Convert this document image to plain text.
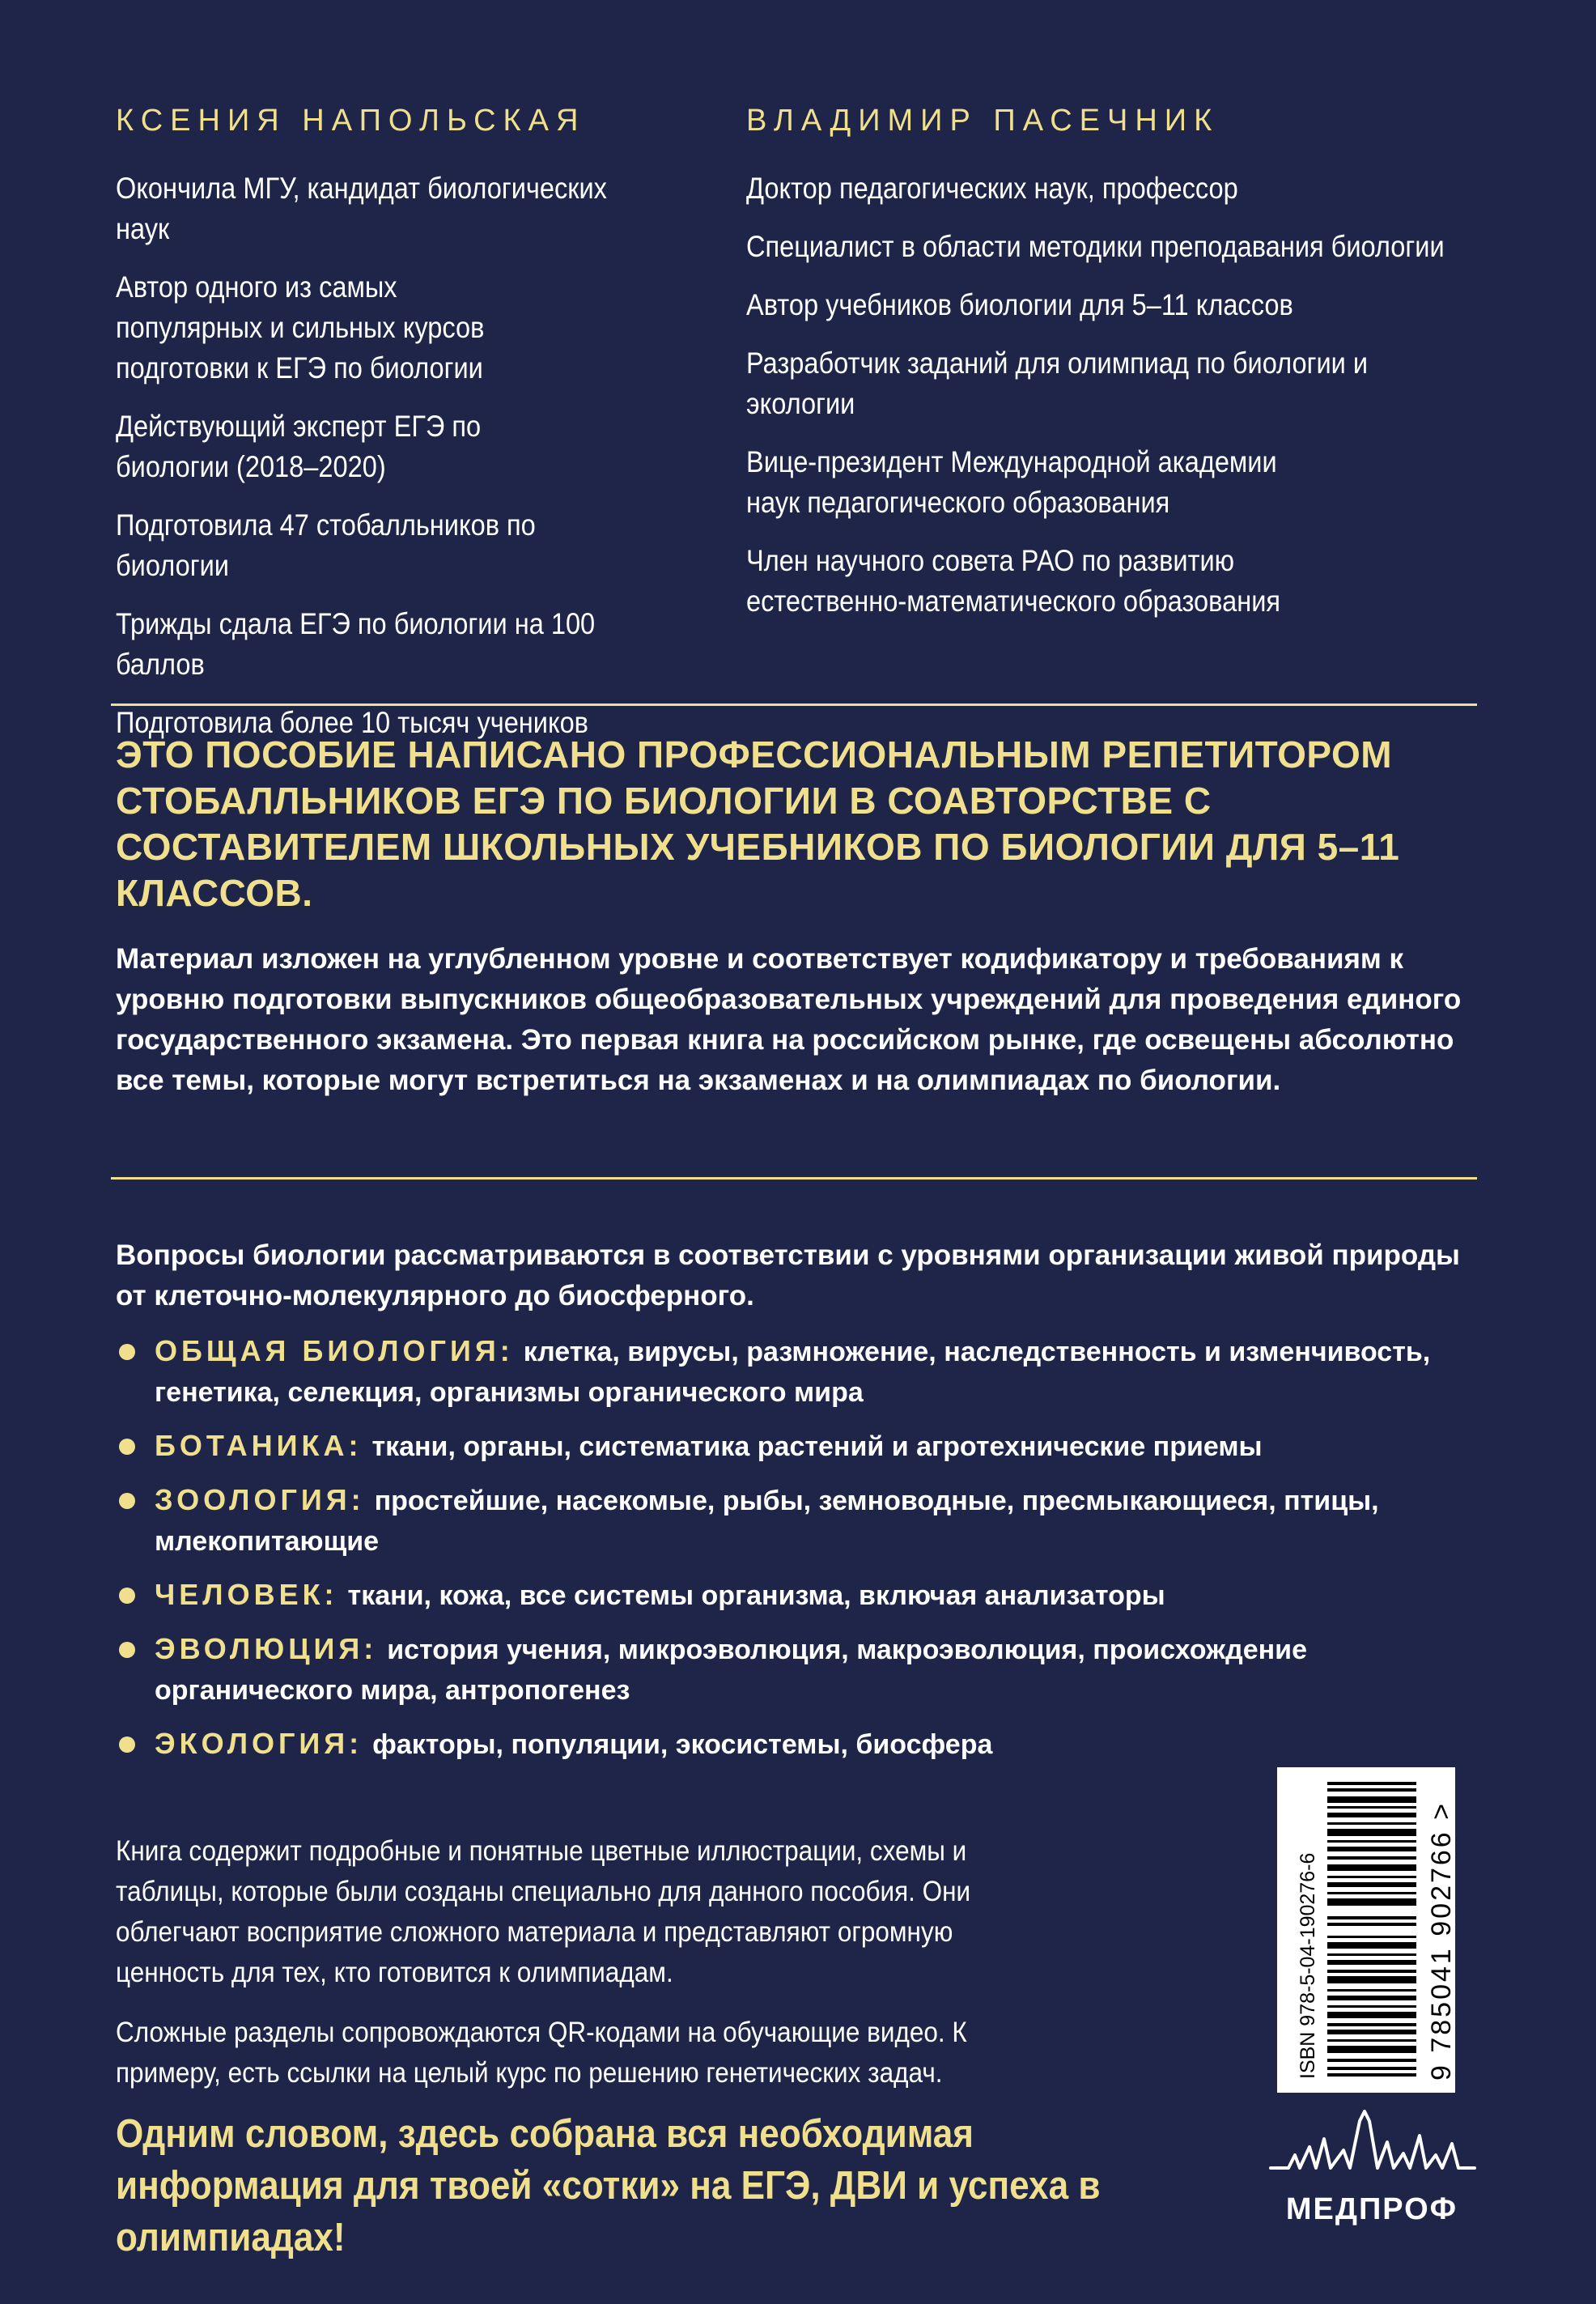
КСЕНИЯ НАПОЛЬСКАЯ
Окончила МГУ, кандидат биологических наук
Автор одного из самых популярных и сильных курсов подготовки к ЕГЭ по биологии
Действующий эксперт ЕГЭ по биологии (2018–2020)
Подготовила 47 стобалльников по биологии
Трижды сдала ЕГЭ по биологии на 100 баллов
Подготовила более 10 тысяч учеников
ВЛАДИМИР ПАСЕЧНИК
Доктор педагогических наук, профессор
Специалист в области методики преподавания биологии
Автор учебников биологии для 5–11 классов
Разработчик заданий для олимпиад по биологии и экологии
Вице-президент Международной академии наук педагогического образования
Член научного совета РАО по развитию естественно-математического образования
ЭТО ПОСОБИЕ НАПИСАНО ПРОФЕССИОНАЛЬНЫМ РЕПЕТИТОРОМ СТОБАЛЛЬНИКОВ ЕГЭ ПО БИОЛОГИИ В СОАВТОРСТВЕ С СОСТАВИТЕЛЕМ ШКОЛЬНЫХ УЧЕБНИКОВ ПО БИОЛОГИИ ДЛЯ 5–11 КЛАССОВ.
Материал изложен на углубленном уровне и соответствует кодификатору и требованиям к уровню подготовки выпускников общеобразовательных учреждений для проведения единого государственного экзамена. Это первая книга на российском рынке, где освещены абсолютно все темы, которые могут встретиться на экзаменах и на олимпиадах по биологии.
Вопросы биологии рассматриваются в соответствии с уровнями организации живой природы от клеточно-молекулярного до биосферного.
ОБЩАЯ БИОЛОГИЯ: клетка, вирусы, размножение, наследственность и изменчивость, генетика, селекция, организмы органического мира
БОТАНИКА: ткани, органы, систематика растений и агротехнические приемы
ЗООЛОГИЯ: простейшие, насекомые, рыбы, земноводные, пресмыкающиеся, птицы, млекопитающие
ЧЕЛОВЕК: ткани, кожа, все системы организма, включая анализаторы
ЭВОЛЮЦИЯ: история учения, микроэволюция, макроэволюция, происхождение органического мира, антропогенез
ЭКОЛОГИЯ: факторы, популяции, экосистемы, биосфера

Книга содержит подробные и понятные цветные иллюстрации, схемы и таблицы, которые были созданы специально для данного пособия. Они облегчают восприятие сложного материала и представляют огромную ценность для тех, кто готовится к олимпиадам.

Сложные разделы сопровождаются QR-кодами на обучающие видео. К примеру, есть ссылки на целый курс по решению генетических задач.

Одним словом, здесь собрана вся необходимая информация для твоей «сотки» на ЕГЭ, ДВИ и успеха в олимпиадах!
ISBN 978-5-04-190276-6	9 785041 902766 >
МЕДПРОФ
